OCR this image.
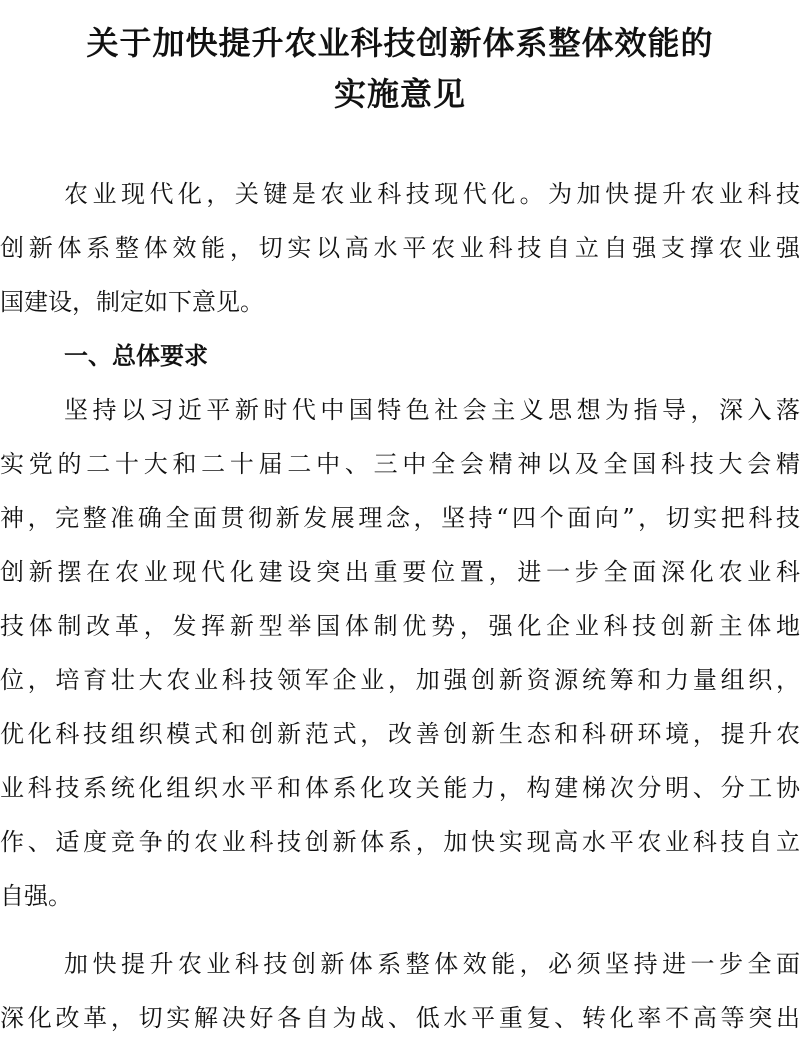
关于加快提升农业科技创新体系整体效能的
实施意见

农业现代化，关键是农业科技现代化。为加快提升农业科技

创新体系整体效能，切实以高水平农业科技自立自强支撑农业强

国建设，制定如下意见。

一、总体要求

坚持以习近平新时代中国特色社会主义思想为指导，深入落

实党的二十大和二十届二中、三中全会精神以及全国科技大会精

神，完整准确全面贯彻新发展理念，坚持“四个面向”，切实把科技

创新摆在农业现代化建设突出重要位置，进一步全面深化农业科

技体制改革，发挥新型举国体制优势，强化企业科技创新主体地

位，培育壮大农业科技领军企业，加强创新资源统筹和力量组织，

优化科技组织模式和创新范式，改善创新生态和科研环境，提升农

业科技系统化组织水平和体系化攻关能力，构建梯次分明、分工协

作、适度竞争的农业科技创新体系，加快实现高水平农业科技自立

自强。

加快提升农业科技创新体系整体效能，必须坚持进一步全面

深化改革，切实解决好各自为战、低水平重复、转化率不高等突出
